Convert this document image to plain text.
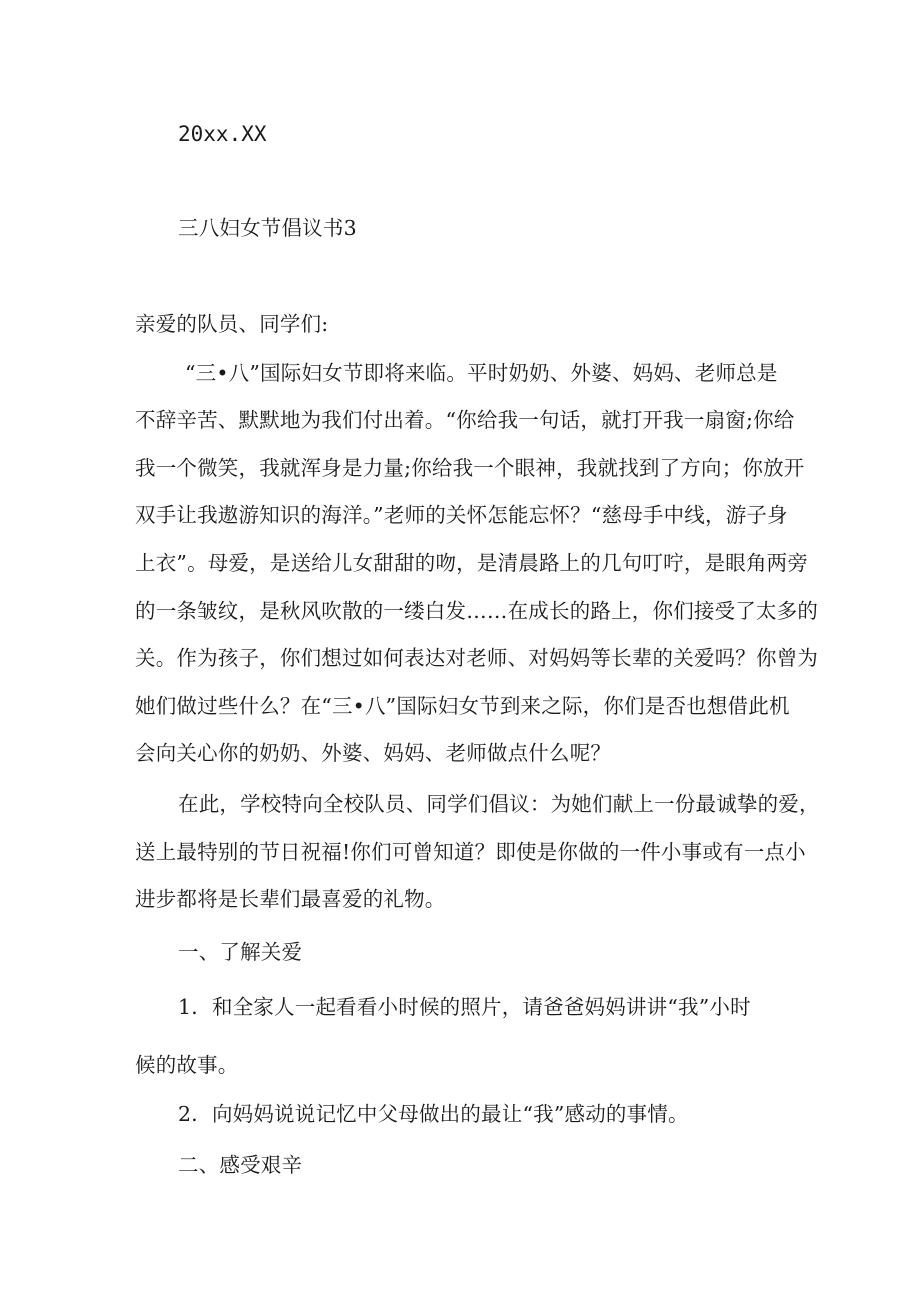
20xx.XX
三八妇女节倡议书3
亲爱的队员、同学们:
“三•八”国际妇女节即将来临。平时奶奶、外婆、妈妈、老师总是
不辞辛苦、默默地为我们付出着。“你给我一句话，就打开我一扇窗;你给
我一个微笑，我就浑身是力量;你给我一个眼神，我就找到了方向；你放开
双手让我遨游知识的海洋。”老师的关怀怎能忘怀？“慈母手中线，游子身
上衣”。母爱，是送给儿女甜甜的吻，是清晨路上的几句叮咛，是眼角两旁
的一条皱纹，是秋风吹散的一缕白发……在成长的路上，你们接受了太多的
关。作为孩子，你们想过如何表达对老师、对妈妈等长辈的关爱吗？你曾为
她们做过些什么？在“三•八”国际妇女节到来之际，你们是否也想借此机
会向关心你的奶奶、外婆、妈妈、老师做点什么呢？
在此，学校特向全校队员、同学们倡议：为她们献上一份最诚挚的爱，
送上最特别的节日祝福!你们可曾知道？即使是你做的一件小事或有一点小
进步都将是长辈们最喜爱的礼物。
一、了解关爱
1．和全家人一起看看小时候的照片，请爸爸妈妈讲讲“我”小时
候的故事。
2．向妈妈说说记忆中父母做出的最让“我”感动的事情。
二、感受艰辛
